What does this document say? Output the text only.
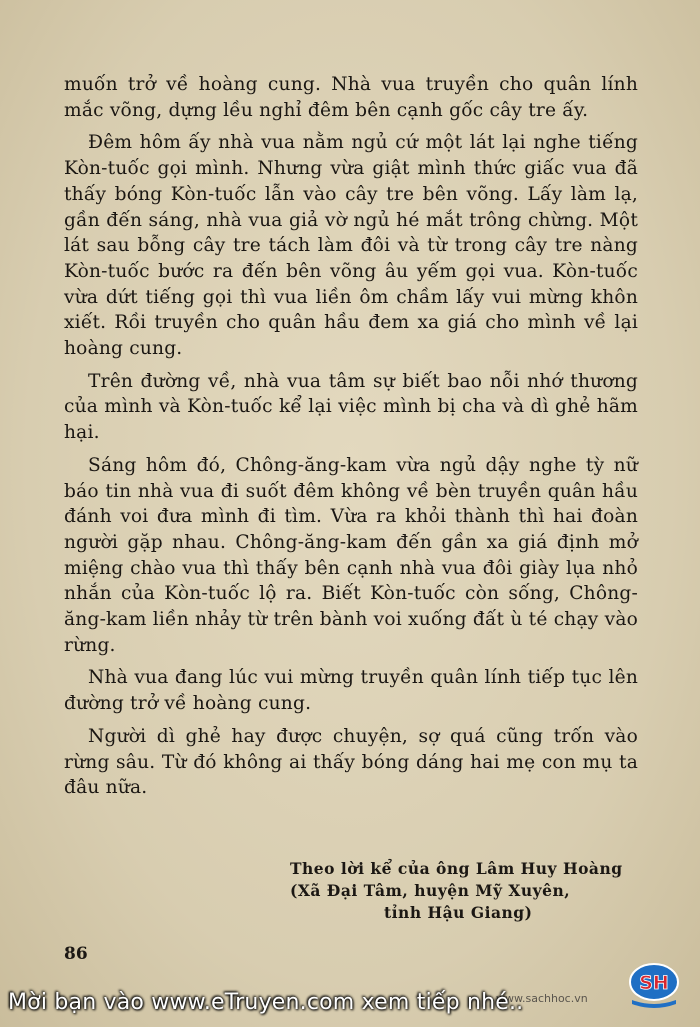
muốn trở về hoàng cung. Nhà vua truyền cho quân lính mắc võng, dựng lều nghỉ đêm bên cạnh gốc cây tre ấy.

Đêm hôm ấy nhà vua nằm ngủ cứ một lát lại nghe tiếng Kòn-tuốc gọi mình. Nhưng vừa giật mình thức giấc vua đã thấy bóng Kòn-tuốc lẫn vào cây tre bên võng. Lấy làm lạ, gần đến sáng, nhà vua giả vờ ngủ hé mắt trông chừng. Một lát sau bỗng cây tre tách làm đôi và từ trong cây tre nàng Kòn-tuốc bước ra đến bên võng âu yếm gọi vua. Kòn-tuốc vừa dứt tiếng gọi thì vua liền ôm chầm lấy vui mừng khôn xiết. Rồi truyền cho quân hầu đem xa giá cho mình về lại hoàng cung.

Trên đường về, nhà vua tâm sự biết bao nỗi nhớ thương của mình và Kòn-tuốc kể lại việc mình bị cha và dì ghẻ hãm hại.

Sáng hôm đó, Chông-ăng-kam vừa ngủ dậy nghe tỳ nữ báo tin nhà vua đi suốt đêm không về bèn truyền quân hầu đánh voi đưa mình đi tìm. Vừa ra khỏi thành thì hai đoàn người gặp nhau. Chông-ăng-kam đến gần xa giá định mở miệng chào vua thì thấy bên cạnh nhà vua đôi giày lụa nhỏ nhắn của Kòn-tuốc lộ ra. Biết Kòn-tuốc còn sống, Chông-ăng-kam liền nhảy từ trên bành voi xuống đất ù té chạy vào rừng.

Nhà vua đang lúc vui mừng truyền quân lính tiếp tục lên đường trở về hoàng cung.

Người dì ghẻ hay được chuyện, sợ quá cũng trốn vào rừng sâu. Từ đó không ai thấy bóng dáng hai mẹ con mụ ta đâu nữa.

Theo lời kể của ông Lâm Huy Hoàng
(Xã Đại Tâm, huyện Mỹ Xuyên,
tỉnh Hậu Giang)
86
www.sachhoc.vn
SH
Mời bạn vào www.eTruyen.com xem tiếp nhé..
